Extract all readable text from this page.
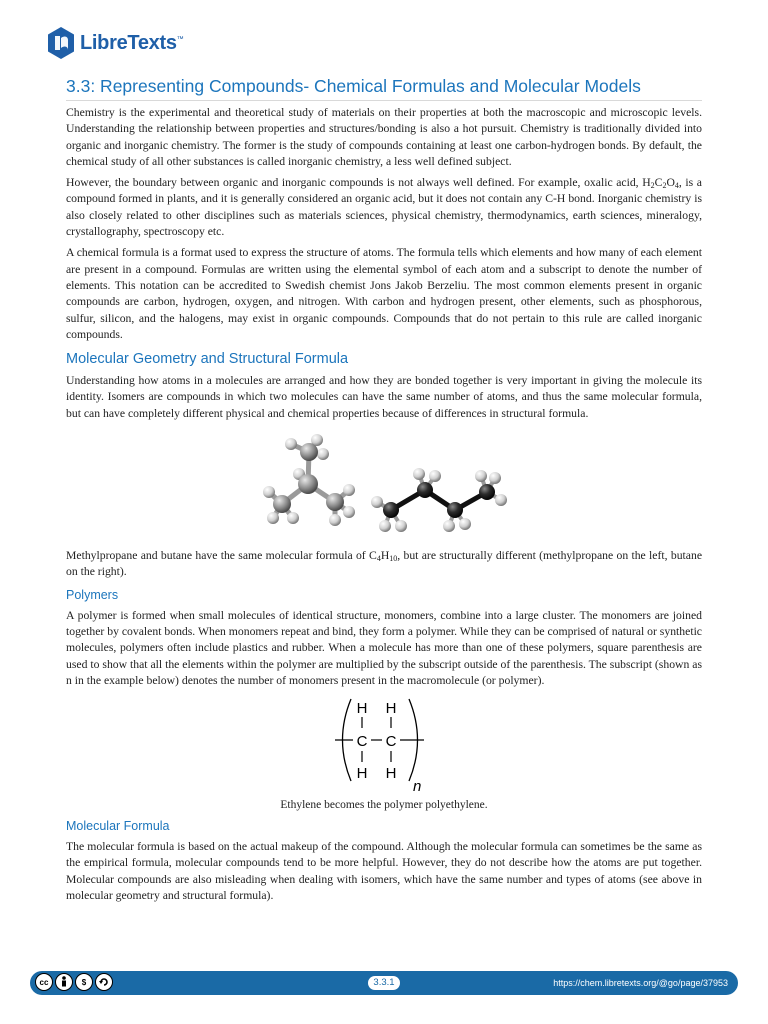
LibreTexts ™
3.3: Representing Compounds- Chemical Formulas and Molecular Models

Chemistry is the experimental and theoretical study of materials on their properties at both the macroscopic and microscopic levels. Understanding the relationship between properties and structures/bonding is also a hot pursuit. Chemistry is traditionally divided into organic and inorganic chemistry. The former is the study of compounds containing at least one carbon-hydrogen bonds. By default, the chemical study of all other substances is called inorganic chemistry, a less well defined subject.

However, the boundary between organic and inorganic compounds is not always well defined. For example, oxalic acid, $H_2C_2O_4$, is a compound formed in plants, and it is generally considered an organic acid, but it does not contain any C-H bond. Inorganic chemistry is also closely related to other disciplines such as materials sciences, physical chemistry, thermodynamics, earth sciences, mineralogy, crystallography, spectroscopy etc.

A chemical formula is a format used to express the structure of atoms. The formula tells which elements and how many of each element are present in a compound. Formulas are written using the elemental symbol of each atom and a subscript to denote the number of elements. This notation can be accredited to Swedish chemist Jons Jakob Berzeliu. The most common elements present in organic compounds are carbon, hydrogen, oxygen, and nitrogen. With carbon and hydrogen present, other elements, such as phosphorous, sulfur, silicon, and the halogens, may exist in organic compounds. Compounds that do not pertain to this rule are called inorganic compounds.

Molecular Geometry and Structural Formula

Understanding how atoms in a molecules are arranged and how they are bonded together is very important in giving the molecule its identity. Isomers are compounds in which two molecules can have the same number of atoms, and thus the same molecular formula, but can have completely different physical and chemical properties because of differences in structural formula.

Methylpropane and butane have the same molecular formula of $C_4H_{10}$, but are structurally different (methylpropane on the left, butane on the right).

Polymers

A polymer is formed when small molecules of identical structure, monomers, combine into a large cluster. The monomers are joined together by covalent bonds. When monomers repeat and bind, they form a polymer. While they can be comprised of natural or synthetic molecules, polymers often include plastics and rubber. When a molecule has more than one of these polymers, square parenthesis are used to show that all the elements within the polymer are multiplied by the subscript outside of the parenthesis. The subscript (shown as n in the example below) denotes the number of monomers present in the macromolecule (or polymer).

H H
C C
H H
n
Ethylene becomes the polymer polyethylene.
Molecular Formula

The molecular formula is based on the actual makeup of the compound. Although the molecular formula can sometimes be the same as the empirical formula, molecular compounds tend to be more helpful. However, they do not describe how the atoms are put together. Molecular compounds are also misleading when dealing with isomers, which have the same number and types of atoms (see above in molecular geometry and structural formula).

cc	$	3.3.1	https://chem.libretexts.org/@go/page/37953
